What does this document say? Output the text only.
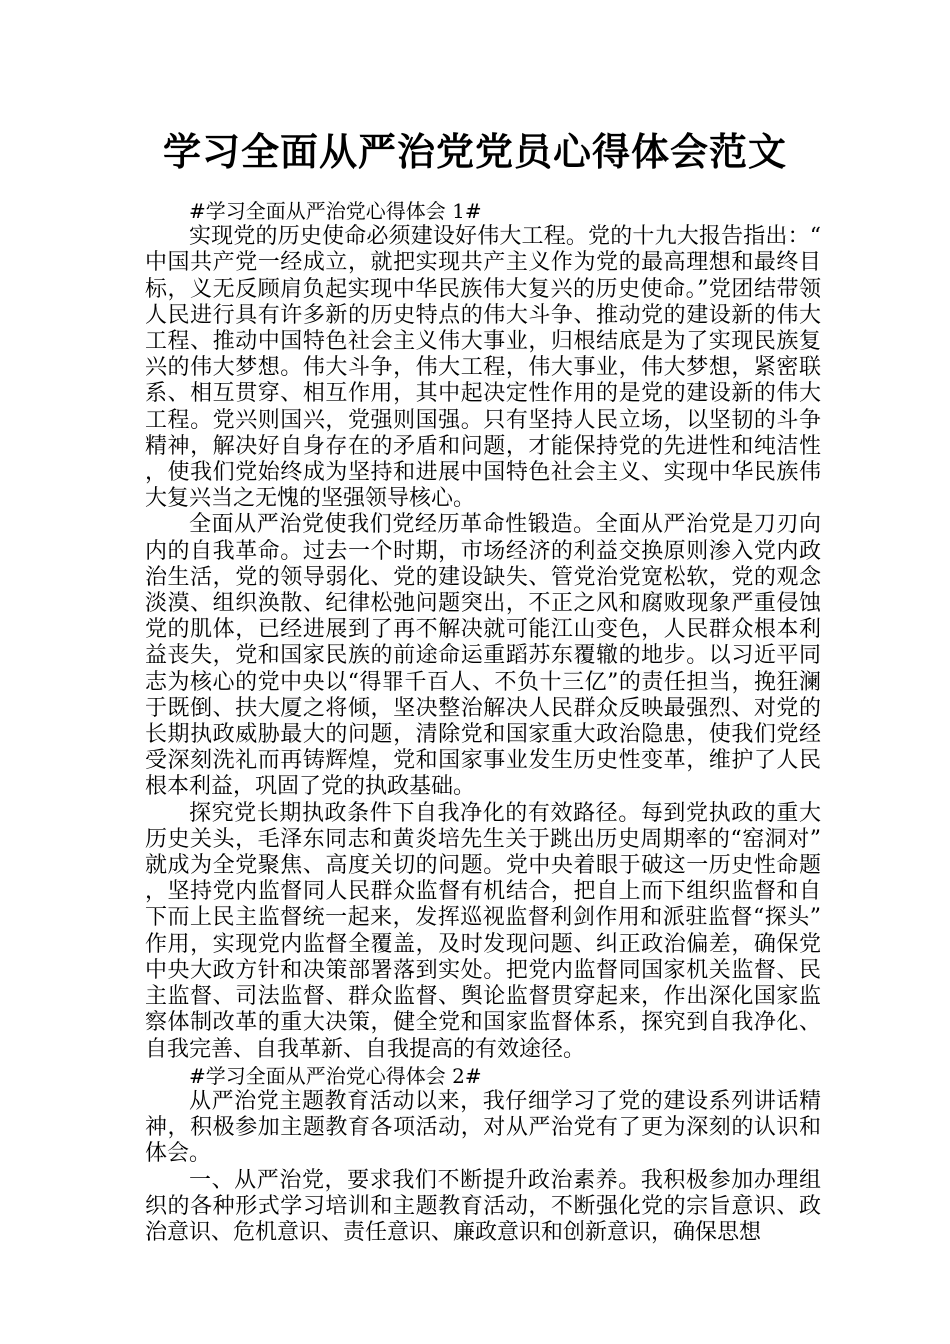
学习全面从严治党党员心得体会范文

#学习全面从严治党心得体会 1#

实现党的历史使命必须建设好伟大工程。党的十九大报告指出：“中国共产党一经成立，就把实现共产主义作为党的最高理想和最终目标，义无反顾肩负起实现中华民族伟大复兴的历史使命。”党团结带领人民进行具有许多新的历史特点的伟大斗争、推动党的建设新的伟大工程、推动中国特色社会主义伟大事业，归根结底是为了实现民族复兴的伟大梦想。伟大斗争，伟大工程，伟大事业，伟大梦想，紧密联系、相互贯穿、相互作用，其中起决定性作用的是党的建设新的伟大工程。党兴则国兴，党强则国强。只有坚持人民立场，以坚韧的斗争精神，解决好自身存在的矛盾和问题，才能保持党的先进性和纯洁性，使我们党始终成为坚持和进展中国特色社会主义、实现中华民族伟大复兴当之无愧的坚强领导核心。

全面从严治党使我们党经历革命性锻造。全面从严治党是刀刃向内的自我革命。过去一个时期，市场经济的利益交换原则渗入党内政治生活，党的领导弱化、党的建设缺失、管党治党宽松软，党的观念淡漠、组织涣散、纪律松弛问题突出，不正之风和腐败现象严重侵蚀党的肌体，已经进展到了再不解决就可能江山变色，人民群众根本利益丧失，党和国家民族的前途命运重蹈苏东覆辙的地步。以习近平同志为核心的党中央以“得罪千百人、不负十三亿”的责任担当，挽狂澜于既倒、扶大厦之将倾，坚决整治解决人民群众反映最强烈、对党的长期执政威胁最大的问题，清除党和国家重大政治隐患，使我们党经受深刻洗礼而再铸辉煌，党和国家事业发生历史性变革，维护了人民根本利益，巩固了党的执政基础。

探究党长期执政条件下自我净化的有效路径。每到党执政的重大历史关头，毛泽东同志和黄炎培先生关于跳出历史周期率的“窑洞对”就成为全党聚焦、高度关切的问题。党中央着眼于破这一历史性命题，坚持党内监督同人民群众监督有机结合，把自上而下组织监督和自下而上民主监督统一起来，发挥巡视监督利剑作用和派驻监督“探头”作用，实现党内监督全覆盖，及时发现问题、纠正政治偏差，确保党中央大政方针和决策部署落到实处。把党内监督同国家机关监督、民主监督、司法监督、群众监督、舆论监督贯穿起来，作出深化国家监察体制改革的重大决策，健全党和国家监督体系，探究到自我净化、自我完善、自我革新、自我提高的有效途径。

#学习全面从严治党心得体会 2#

从严治党主题教育活动以来，我仔细学习了党的建设系列讲话精神，积极参加主题教育各项活动，对从严治党有了更为深刻的认识和体会。

一、从严治党，要求我们不断提升政治素养。我积极参加办理组织的各种形式学习培训和主题教育活动，不断强化党的宗旨意识、政治意识、危机意识、责任意识、廉政意识和创新意识，确保思想
